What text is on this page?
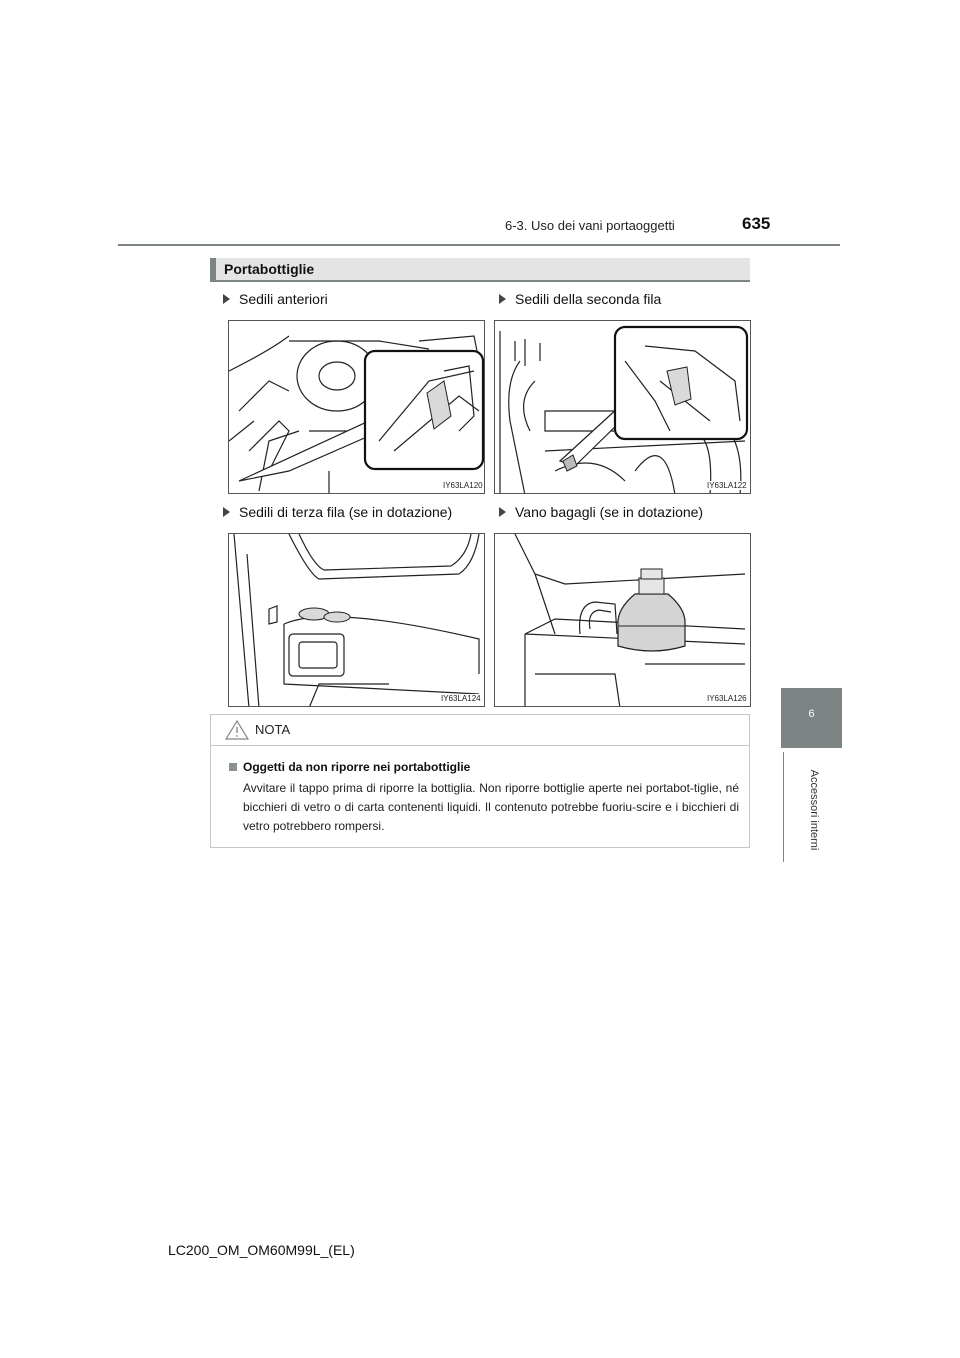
6-3. Uso dei vani portaoggetti	635
6
Accessori interni
Portabottiglie
Sedili anteriori	Sedili della seconda fila
Sedili di terza fila (se in dotazione)	Vano bagagli (se in dotazione)
IY63LA120	IY63LA122
IY63LA124	IY63LA126
NOTA
Oggetti da non riporre nei portabottiglie
Avvitare il tappo prima di riporre la bottiglia. Non riporre bottiglie aperte nei portabot-tiglie, né bicchieri di vetro o di carta contenenti liquidi. Il contenuto potrebbe fuoriu-scire e i bicchieri di vetro potrebbero rompersi.
LC200_OM_OM60M99L_(EL)
